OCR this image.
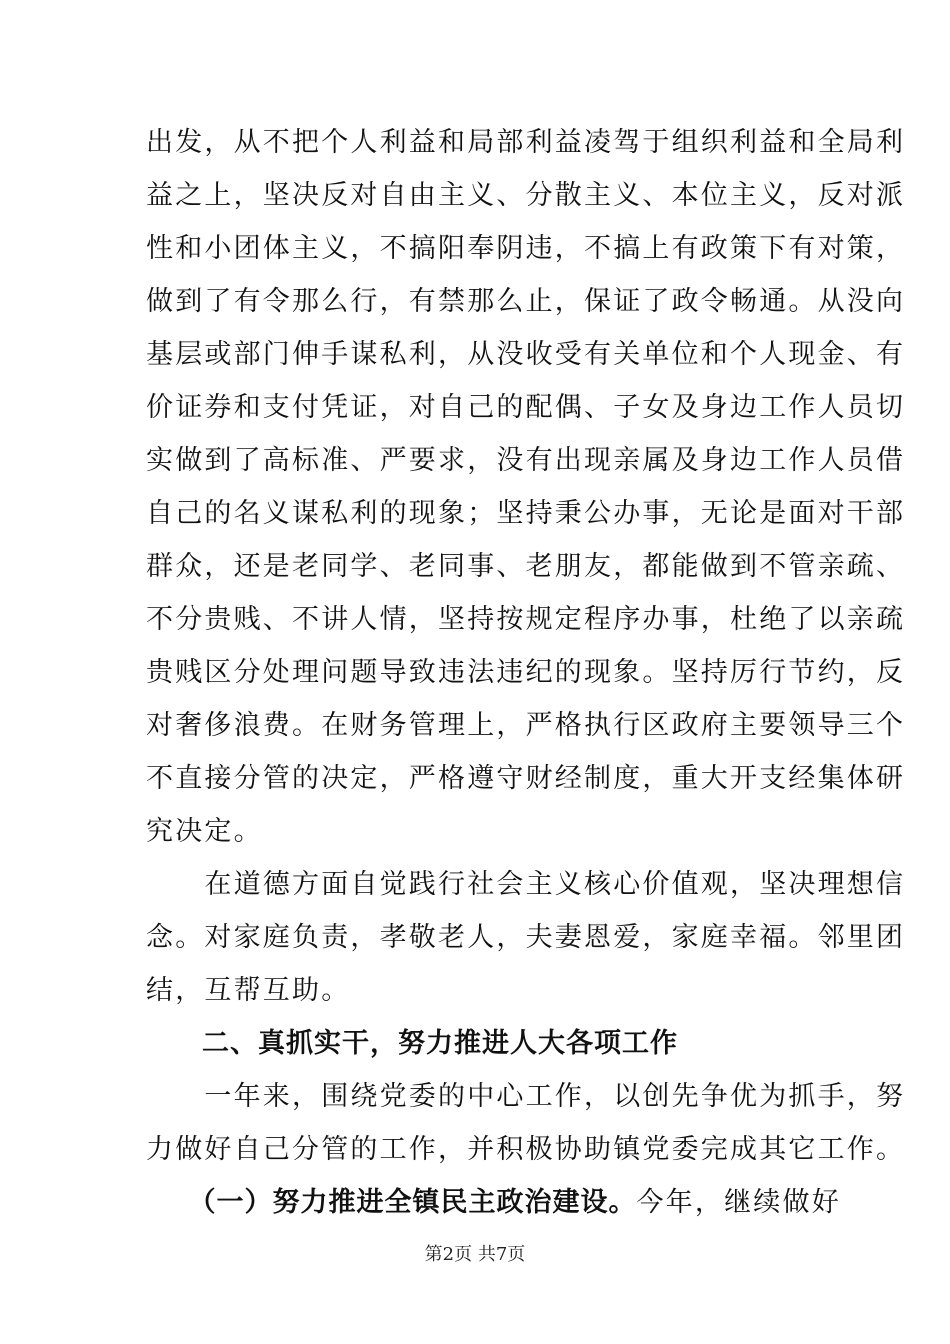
出发，从不把个人利益和局部利益凌驾于组织利益和全局利
益之上，坚决反对自由主义、分散主义、本位主义，反对派
性和小团体主义，不搞阳奉阴违，不搞上有政策下有对策，
做到了有令那么行，有禁那么止，保证了政令畅通。从没向
基层或部门伸手谋私利，从没收受有关单位和个人现金、有
价证券和支付凭证，对自己的配偶、子女及身边工作人员切
实做到了高标准、严要求，没有出现亲属及身边工作人员借
自己的名义谋私利的现象；坚持秉公办事，无论是面对干部
群众，还是老同学、老同事、老朋友，都能做到不管亲疏、
不分贵贱、不讲人情，坚持按规定程序办事，杜绝了以亲疏
贵贱区分处理问题导致违法违纪的现象。坚持厉行节约，反
对奢侈浪费。在财务管理上，严格执行区政府主要领导三个
不直接分管的决定，严格遵守财经制度，重大开支经集体研
究决定。
　　在道德方面自觉践行社会主义核心价值观，坚决理想信
念。对家庭负责，孝敬老人，夫妻恩爱，家庭幸福。邻里团
结，互帮互助。
　　二、真抓实干，努力推进人大各项工作
　　一年来，围绕党委的中心工作，以创先争优为抓手，努
力做好自己分管的工作，并积极协助镇党委完成其它工作。
　　（一）努力推进全镇民主政治建设。今年，继续做好
第2页 共7页
